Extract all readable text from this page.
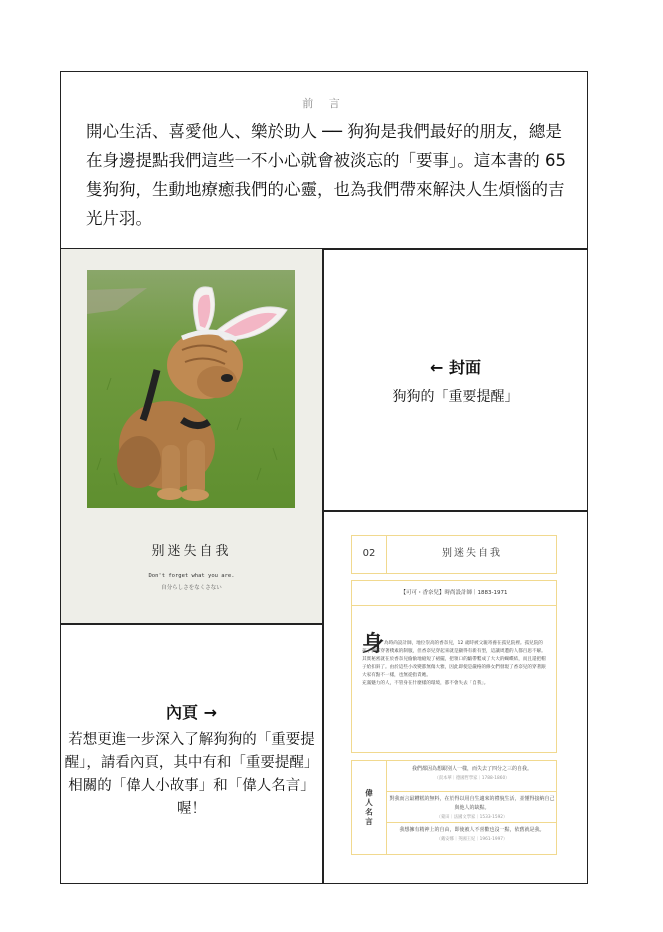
前 言
開心生活、喜愛他人、樂於助人 ── 狗狗是我們最好的朋友，總是在身邊提點我們這些一不小心就會被淡忘的「要事」。這本書的 65 隻狗狗，生動地療癒我們的心靈，也為我們帶來解決人生煩惱的吉光片羽。
别迷失自我
Don't forget what you are.
自分らしさをなくさない
← 封面
狗狗的「重要提醒」
內頁 →
若想更進一步深入了解狗狗的「重要提醒」，請看內頁，其中有和「重要提醒」相關的「偉人小故事」和「偉人名言」喔！
02	别迷失自我
【可可・香奈兒】時尚設計師｜1883-1971
身 為時尚設計師，地位崇高的香奈兒，12 歲時被父親寄養在孤兒院裡。孤兒院的孩子們都穿著樸素的制服，但香奈兒穿起來就是顯得有新有型，這讓周遭的人都百思不解。

其實秘密就在於香奈兒偷偷地縫短了裙擺，把領口的緞帶繫成了大大的蝴蝶結，而且還把帽子給扣斜了。由於這些小改變都無傷大雅，因此即使是嚴格的修女們發現了香奈兒的穿著跟大家有點不一樣，也無從指責她。

充滿魅力的人，不管身在什麼樣的環境，都不會失去「自我」。

偉人名言
我們都因為想跟別人一樣，而失去了四分之三的自我。
（叔本華｜德國哲學家｜1788-1860）
對我而言最糟糕的無料，在於得以用自生適來的禮貌生活，並懂得接納自己與他人的缺點。
（蒙田｜法國文學家｜1533-1592）
我想擁有精神上的自由，即使被人不喜歡也沒一點，依舊就是我。
（戴安娜｜英國王妃｜1961-1997）
